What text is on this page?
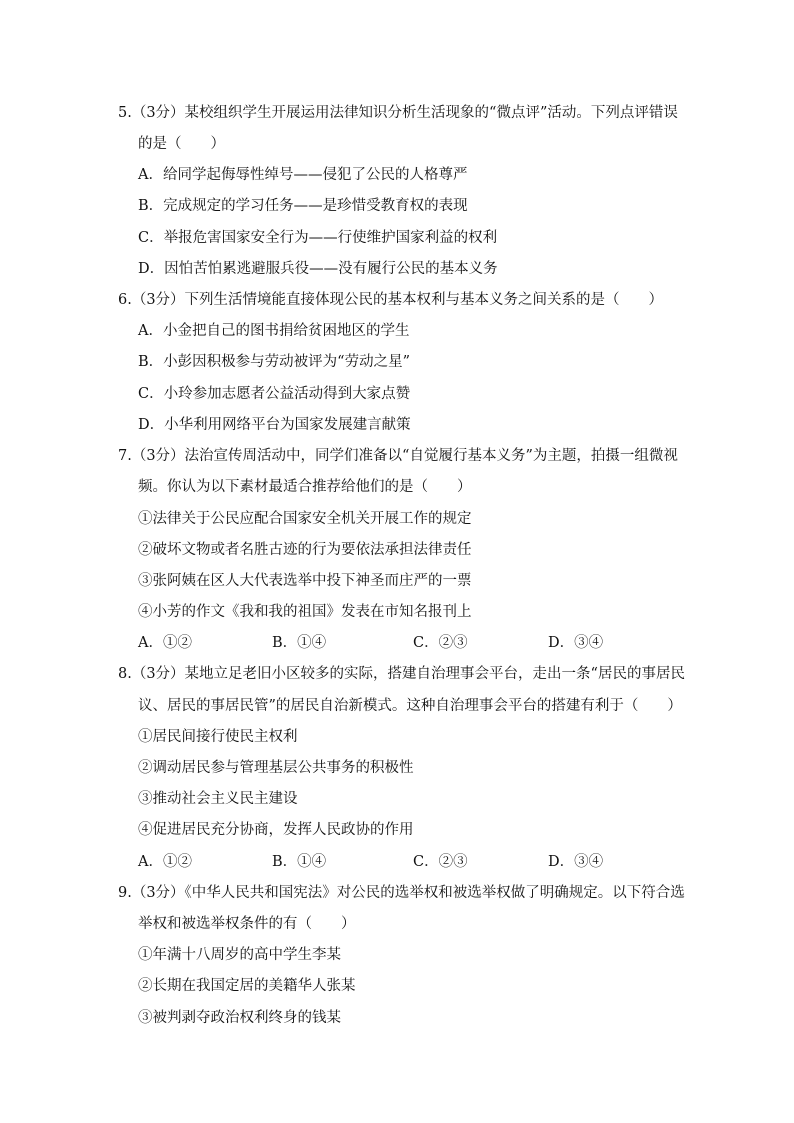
5.（3分）某校组织学生开展运用法律知识分析生活现象的“微点评”活动。下列点评错误
的是（　　）
A．给同学起侮辱性绰号——侵犯了公民的人格尊严
B．完成规定的学习任务——是珍惜受教育权的表现
C．举报危害国家安全行为——行使维护国家利益的权利
D．因怕苦怕累逃避服兵役——没有履行公民的基本义务
6.（3分）下列生活情境能直接体现公民的基本权利与基本义务之间关系的是（　　）
A．小金把自己的图书捐给贫困地区的学生
B．小彭因积极参与劳动被评为“劳动之星”
C．小玲参加志愿者公益活动得到大家点赞
D．小华利用网络平台为国家发展建言献策
7.（3分）法治宣传周活动中，同学们准备以“自觉履行基本义务”为主题，拍摄一组微视
频。你认为以下素材最适合推荐给他们的是（　　）
①法律关于公民应配合国家安全机关开展工作的规定
②破坏文物或者名胜古迹的行为要依法承担法律责任
③张阿姨在区人大代表选举中投下神圣而庄严的一票
④小芳的作文《我和我的祖国》发表在市知名报刊上
A．①②	B．①④	C．②③	D．③④
8.（3分）某地立足老旧小区较多的实际，搭建自治理事会平台，走出一条“居民的事居民
议、居民的事居民管”的居民自治新模式。这种自治理事会平台的搭建有利于（　　）
①居民间接行使民主权利
②调动居民参与管理基层公共事务的积极性
③推动社会主义民主建设
④促进居民充分协商，发挥人民政协的作用
A．①②	B．①④	C．②③	D．③④
9.（3分）《中华人民共和国宪法》对公民的选举权和被选举权做了明确规定。以下符合选
举权和被选举权条件的有（　　）
①年满十八周岁的高中学生李某
②长期在我国定居的美籍华人张某
③被判剥夺政治权利终身的钱某
